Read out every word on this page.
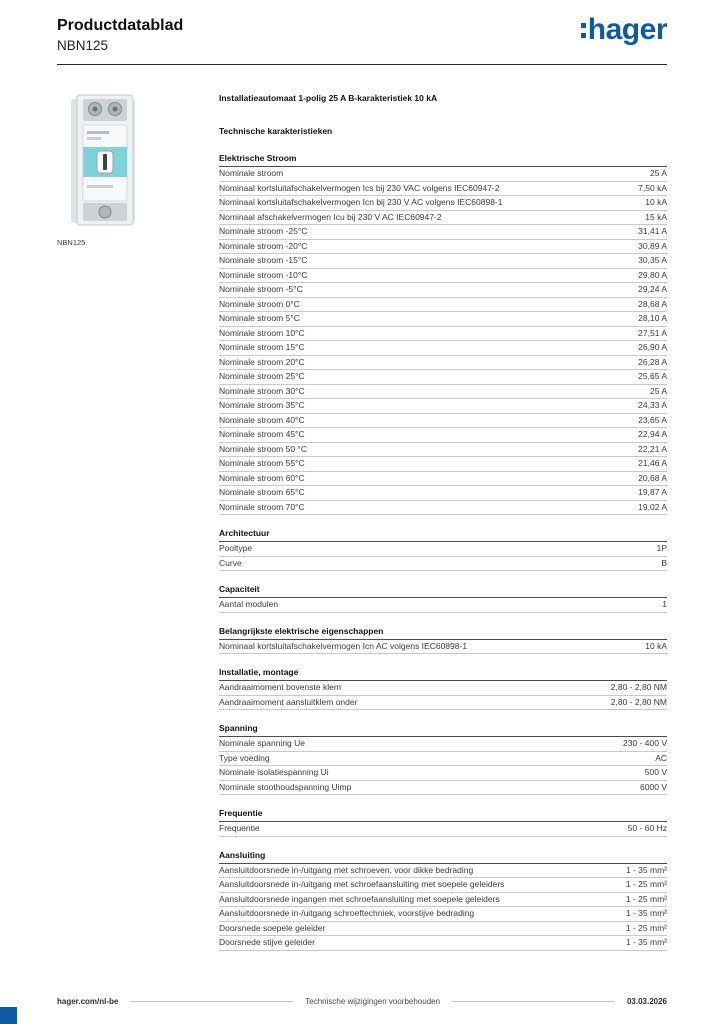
Productdatablad
NBN125	hager
NBN125
Installatieautomaat 1-polig 25 A B-karakteristiek 10 kA
Technische karakteristieken
Elektrische Stroom
Nominale stroom	25 A
Nominaal kortsluitafschakelvermogen Ics bij 230 VAC volgens IEC60947-2	7,50 kA
Nominaal kortsluitafschakelvermogen Icn bij 230 V AC volgens IEC60898-1	10 kA
Nominaal afschakelvermogen Icu bij 230 V AC IEC60947-2	15 kA
Nominale stroom -25°C	31,41 A
Nominale stroom -20°C	30,89 A
Nominale stroom -15°C	30,35 A
Nominale stroom -10°C	29,80 A
Nominale stroom -5°C	29,24 A
Nominale stroom 0°C	28,68 A
Nominale stroom 5°C	28,10 A
Nominale stroom 10°C	27,51 A
Nominale stroom 15°C	26,90 A
Nominale stroom 20°C	26,28 A
Nominale stroom 25°C	25,65 A
Nominale stroom 30°C	25 A
Nominale stroom 35°C	24,33 A
Nominale stroom 40°C	23,65 A
Nominale stroom 45°C	22,94 A
Nominale stroom 50 °C	22,21 A
Nominale stroom 55°C	21,46 A
Nominale stroom 60°C	20,68 A
Nominale stroom 65°C	19,87 A
Nominale stroom 70°C	19,02 A
Architectuur
Pooltype	1P
Curve	B
Capaciteit
Aantal modulen	1
Belangrijkste elektrische eigenschappen
Nominaal kortsluitafschakelvermogen Icn AC volgens IEC60898-1	10 kA
Installatie, montage
Aandraaimoment bovenste klem	2,80 - 2,80 NM
Aandraaimoment aansluitklem onder	2,80 - 2,80 NM
Spanning
Nominale spanning Ue	230 - 400 V
Type voeding	AC
Nominale isolatiespanning Ui	500 V
Nominale stoothoudspanning Uimp	6000 V
Frequentie
Frequentie	50 - 60 Hz
Aansluiting
Aansluitdoorsnede in-/uitgang met schroeven, voor dikke bedrading	1 - 35 mm²
Aansluitdoorsnede in-/uitgang met schroefaansluiting met soepele geleiders	1 - 25 mm²
Aansluitdoorsnede ingangen met schroefaansluiting met soepele geleiders	1 - 25 mm²
Aansluitdoorsnede in-/uitgang schroeftechniek, voorstijve bedrading	1 - 35 mm²
Doorsnede soepele geleider	1 - 25 mm²
Doorsnede stijve geleider	1 - 35 mm²
hager.com/nl-be	Technische wijzigingen voorbehouden	03.03.2026
